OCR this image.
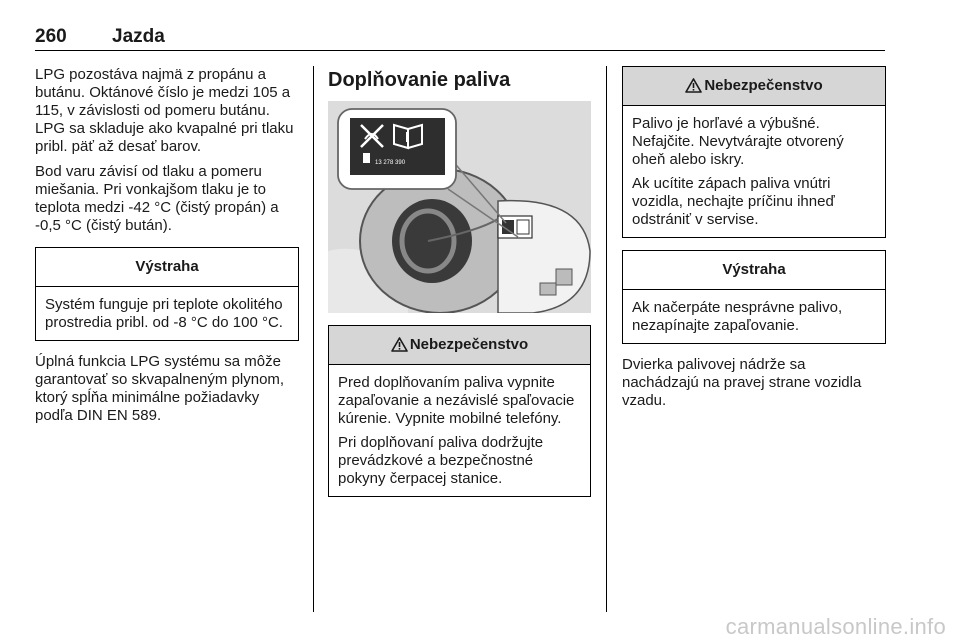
260 Jazda

LPG pozostáva najmä z propánu a butánu. Oktánové číslo je medzi 105 a 115, v závislosti od pomeru butánu. LPG sa skladuje ako kvapalné pri tlaku pribl. päť až desať barov.

Bod varu závisí od tlaku a pomeru miešania. Pri vonkajšom tlaku je to teplota medzi -42 °C (čistý propán) a -0,5 °C (čistý bután).

Výstraha

Systém funguje pri teplote okolitého prostredia pribl. od -8 °C do 100 °C.

Úplná funkcia LPG systému sa môže garantovať so skvapalneným plynom, ktorý spĺňa minimálne požiadavky podľa DIN EN 589.

Doplňovanie paliva
13 278 390
Nebezpečenstvo

Pred doplňovaním paliva vypnite zapaľovanie a nezávislé spaľovacie kúrenie. Vypnite mobilné telefóny.

Pri doplňovaní paliva dodržujte prevádzkové a bezpečnostné pokyny čerpacej stanice.

Nebezpečenstvo

Palivo je horľavé a výbušné. Nefajčite. Nevytvárajte otvorený oheň alebo iskry.

Ak ucítite zápach paliva vnútri vozidla, nechajte príčinu ihneď odstrániť v servise.

Výstraha

Ak načerpáte nesprávne palivo, nezapínajte zapaľovanie.

Dvierka palivovej nádrže sa nachádzajú na pravej strane vozidla vzadu.

carmanualsonline.info
